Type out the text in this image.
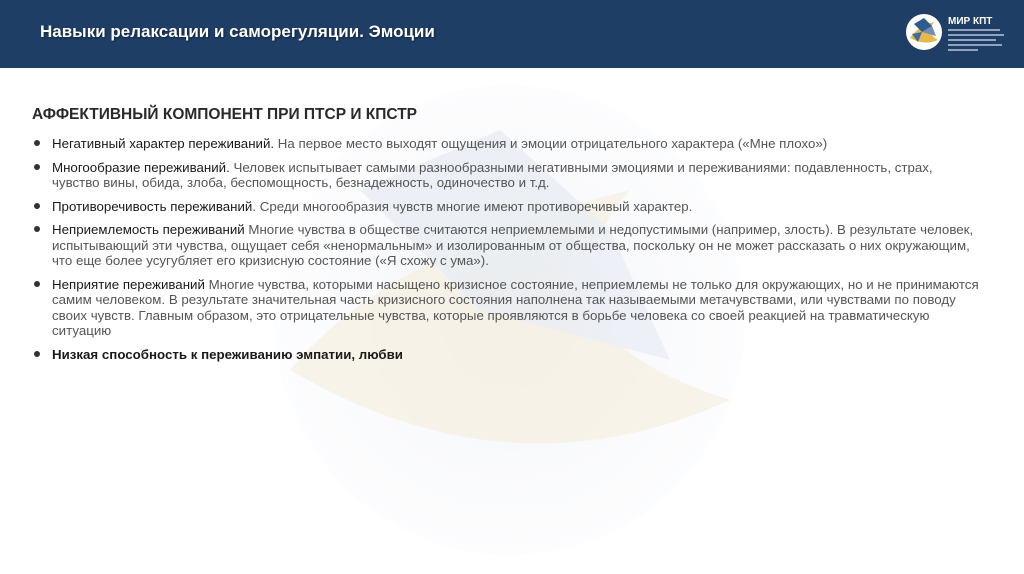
Навыки релаксации и саморегуляции. Эмоции
МИР КПТ
АФФЕКТИВНЫЙ КОМПОНЕНТ ПРИ ПТСР И КПСТР
Негативный характер переживаний. На первое место выходят ощущения и эмоции отрицательного характера («Мне плохо»)
Многообразие переживаний. Человек испытывает самыми разнообразными негативными эмоциями и переживаниями: подавленность, страх, чувство вины, обида, злоба, беспомощность, безнадежность, одиночество и т.д.
Противоречивость переживаний. Среди многообразия чувств многие имеют противоречивый характер.
Неприемлемость переживаний Многие чувства в обществе считаются неприемлемыми и недопустимыми (например, злость). В результате человек, испытывающий эти чувства, ощущает себя «ненормальным» и изолированным от общества, поскольку он не может рассказать о них окружающим, что еще более усугубляет его кризисную состояние («Я схожу с ума»).
Неприятие переживаний Многие чувства, которыми насыщено кризисное состояние, неприемлемы не только для окружающих, но и не принимаются самим человеком. В результате значительная часть кризисного состояния наполнена так называемыми метачувствами, или чувствами по поводу своих чувств. Главным образом, это отрицательные чувства, которые проявляются в борьбе человека со своей реакцией на травматическую ситуацию
Низкая способность к переживанию эмпатии, любви
